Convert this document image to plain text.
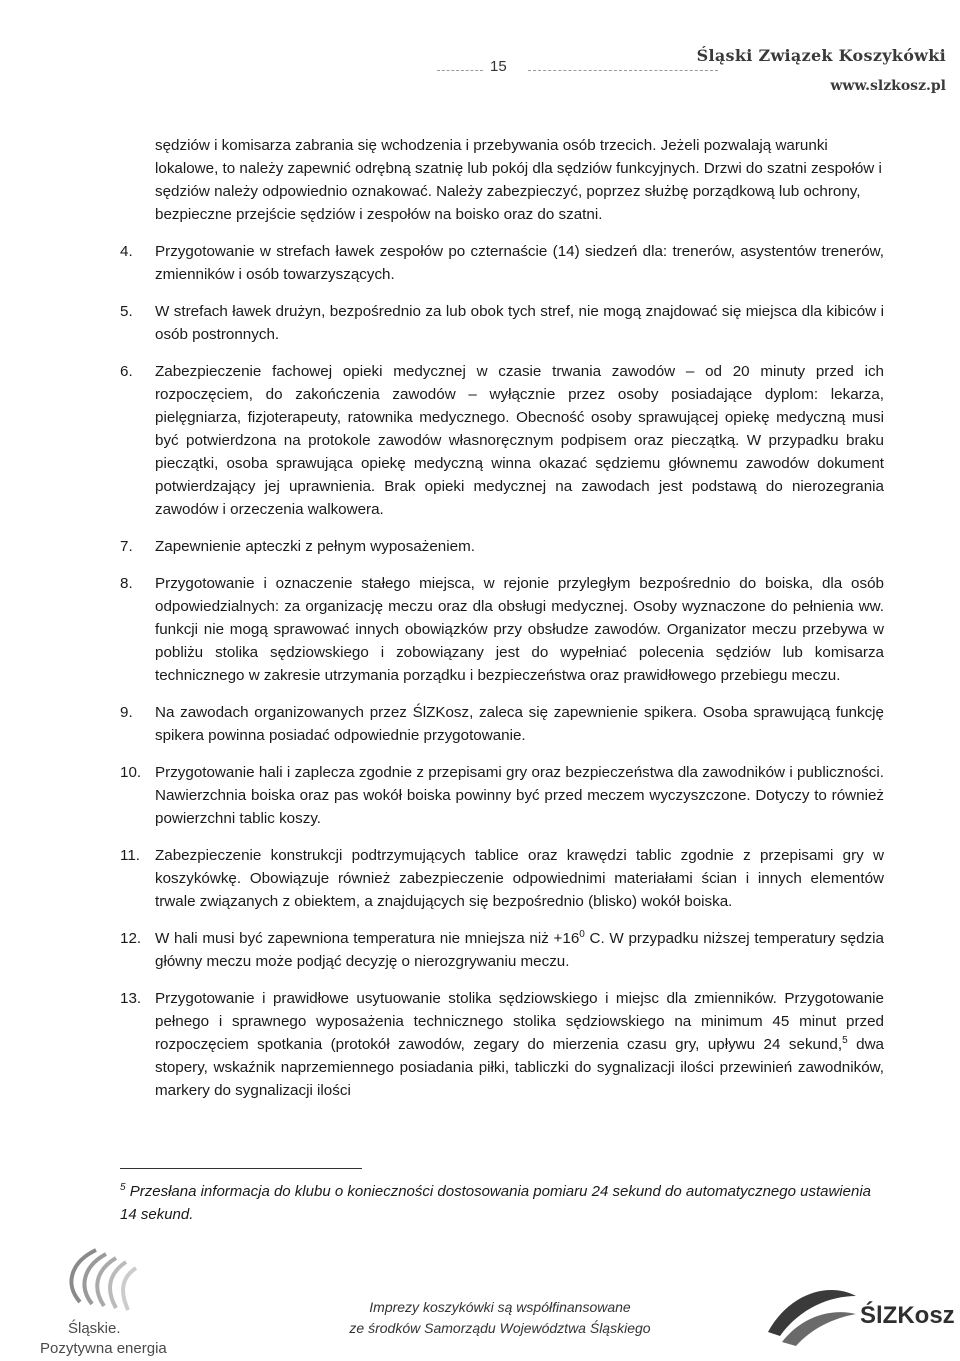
15
Śląski Związek Koszykówki
www.slzkosz.pl

sędziów i komisarza zabrania się wchodzenia i przebywania osób trzecich. Jeżeli pozwalają warunki lokalowe, to należy zapewnić odrębną szatnię lub pokój dla sędziów funkcyjnych. Drzwi do szatni zespołów i sędziów należy odpowiednio oznakować. Należy zabezpieczyć, poprzez służbę porządkową lub ochrony, bezpieczne przejście sędziów i zespołów na boisko oraz do szatni.

4.	Przygotowanie w strefach ławek zespołów po czternaście (14) siedzeń dla: trenerów, asystentów trenerów, zmienników i osób towarzyszących.
5.	W strefach ławek drużyn, bezpośrednio za lub obok tych stref, nie mogą znajdować się miejsca dla kibiców i osób postronnych.
6.	Zabezpieczenie fachowej opieki medycznej w czasie trwania zawodów – od 20 minuty przed ich rozpoczęciem, do zakończenia zawodów – wyłącznie przez osoby posiadające dyplom: lekarza, pielęgniarza, fizjoterapeuty, ratownika medycznego. Obecność osoby sprawującej opiekę medyczną musi być potwierdzona na protokole zawodów własnoręcznym podpisem oraz pieczątką. W przypadku braku pieczątki, osoba sprawująca opiekę medyczną winna okazać sędziemu głównemu zawodów dokument potwierdzający jej uprawnienia. Brak opieki medycznej na zawodach jest podstawą do nierozegrania zawodów i orzeczenia walkowera.
7.	Zapewnienie apteczki z pełnym wyposażeniem.
8.	Przygotowanie i oznaczenie stałego miejsca, w rejonie przyległym bezpośrednio do boiska, dla osób odpowiedzialnych: za organizację meczu oraz dla obsługi medycznej. Osoby wyznaczone do pełnienia ww. funkcji nie mogą sprawować innych obowiązków przy obsłudze zawodów. Organizator meczu przebywa w pobliżu stolika sędziowskiego i zobowiązany jest do wypełniać polecenia sędziów lub komisarza technicznego w zakresie utrzymania porządku i bezpieczeństwa oraz prawidłowego przebiegu meczu.
9.	Na zawodach organizowanych przez ŚlZKosz, zaleca się zapewnienie spikera. Osoba sprawującą funkcję spikera powinna posiadać odpowiednie przygotowanie.
10. Przygotowanie hali i zaplecza zgodnie z przepisami gry oraz bezpieczeństwa dla zawodników i publiczności. Nawierzchnia boiska oraz pas wokół boiska powinny być przed meczem wyczyszczone. Dotyczy to również powierzchni tablic koszy.
11. Zabezpieczenie konstrukcji podtrzymujących tablice oraz krawędzi tablic zgodnie z przepisami gry w koszykówkę. Obowiązuje również zabezpieczenie odpowiednimi materiałami ścian i innych elementów trwale związanych z obiektem, a znajdujących się bezpośrednio (blisko) wokół boiska.
12. W hali musi być zapewniona temperatura nie mniejsza niż $+16^0$ C. W przypadku niższej temperatury sędzia główny meczu może podjąć decyzję o nierozgrywaniu meczu.
13. Przygotowanie i prawidłowe usytuowanie stolika sędziowskiego i miejsc dla zmienników. Przygotowanie pełnego i sprawnego wyposażenia technicznego stolika sędziowskiego na minimum 45 minut przed rozpoczęciem spotkania (protokół zawodów, zegary do mierzenia czasu gry, upływu 24 sekund,$^5$ dwa stopery, wskaźnik naprzemiennego posiadania piłki, tabliczki do sygnalizacji ilości przewinień zawodników, markery do sygnalizacji ilości
$^5$ Przesłana informacja do klubu o konieczności dostosowania pomiaru 24 sekund do automatycznego ustawienia 14 sekund.
Śląskie.
Pozytywna energia
Imprezy koszykówki są współfinansowane
ze środków Samorządu Województwa Śląskiego	ŚlZKosz
